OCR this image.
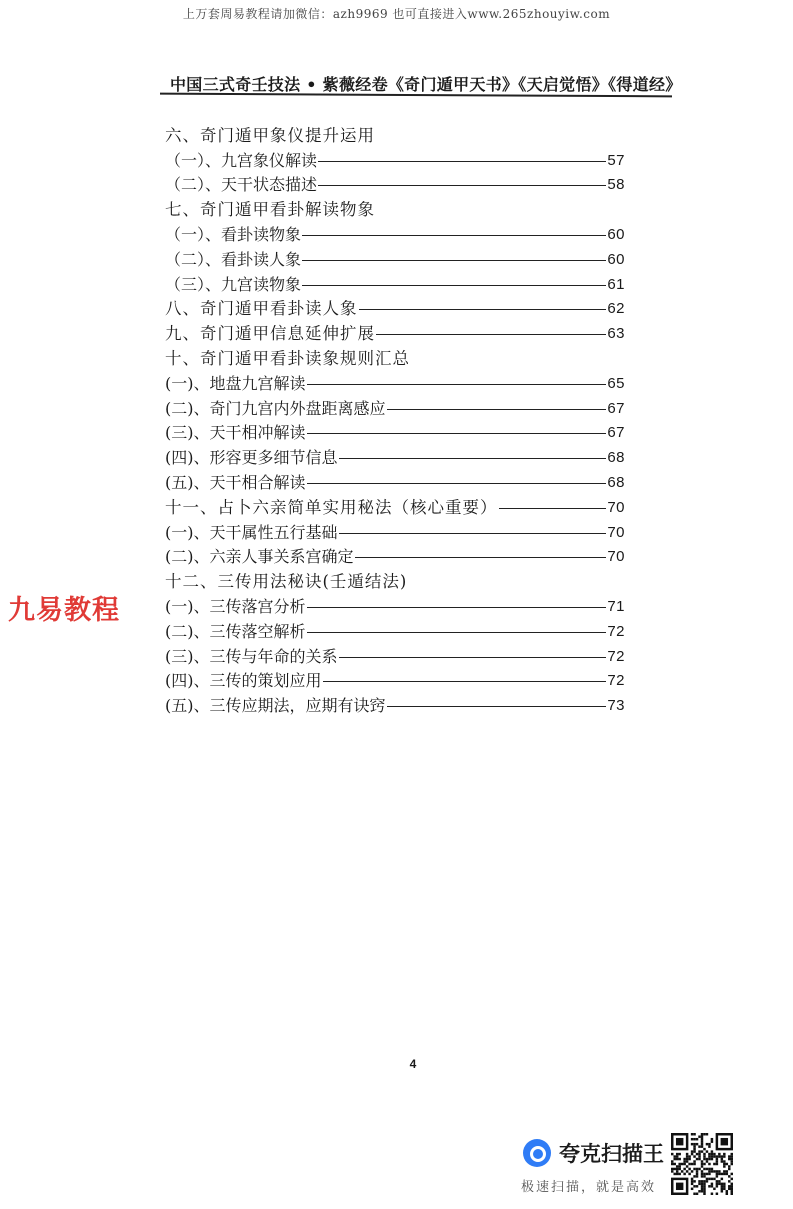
上万套周易教程请加微信：azh9969 也可直接进入www.265zhouyiw.com
中国三式奇壬技法 • 紫薇经卷《奇门遁甲天书》《天启觉悟》《得道经》
六、奇门遁甲象仪提升运用
（一）、九宫象仪解读	57
（二）、天干状态描述	58
七、奇门遁甲看卦解读物象
（一）、看卦读物象	60
（二）、看卦读人象	60
（三）、九宫读物象	61
八、奇门遁甲看卦读人象	62
九、奇门遁甲信息延伸扩展	63
十、奇门遁甲看卦读象规则汇总
(一)、地盘九宫解读	65
(二)、奇门九宫内外盘距离感应	67
(三)、天干相冲解读	67
(四)、形容更多细节信息	68
(五)、天干相合解读	68
十一、占卜六亲简单实用秘法（核心重要）	70
(一)、天干属性五行基础	70
(二)、六亲人事关系宫确定	70
十二、三传用法秘诀(壬遁结法)
(一)、三传落宫分析	71
(二)、三传落空解析	72
(三)、三传与年命的关系	72
(四)、三传的策划应用	72
(五)、三传应期法，应期有诀窍	73
九易教程
4
夸克扫描王
极速扫描，就是高效
